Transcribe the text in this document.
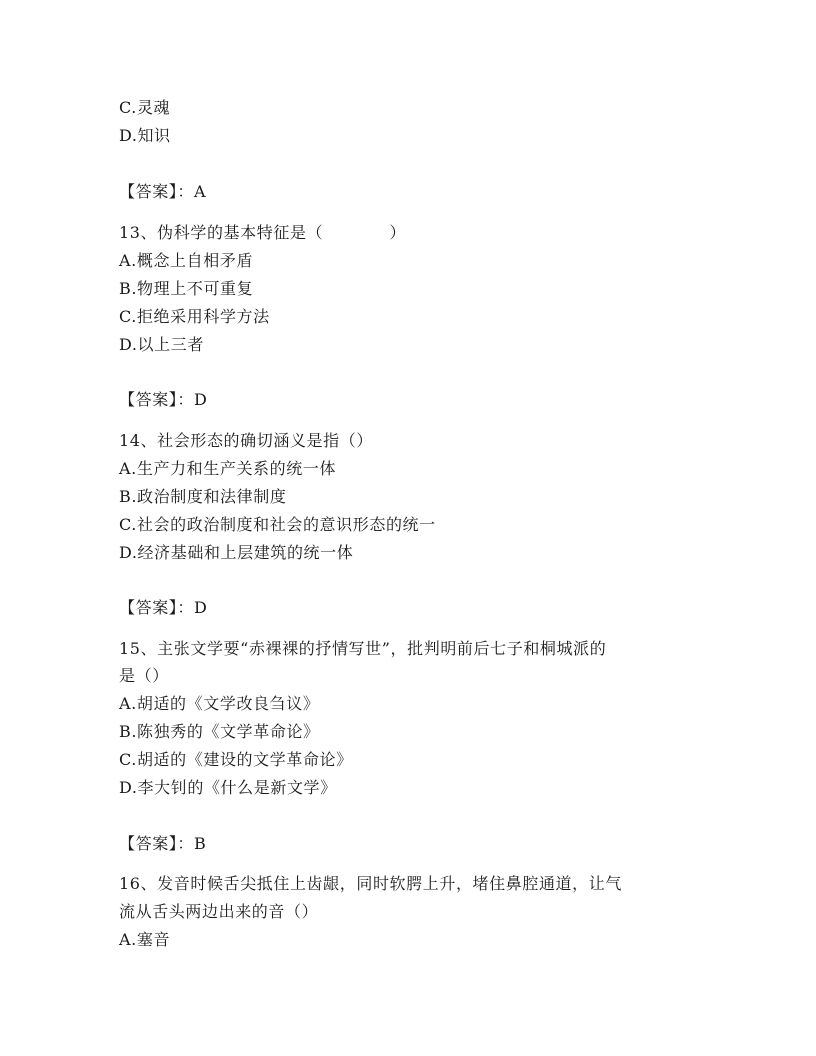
C.灵魂

D.知识

【答案】：A

13、伪科学的基本特征是（　　　　）

A.概念上自相矛盾

B.物理上不可重复

C.拒绝采用科学方法

D.以上三者

【答案】：D

14、社会形态的确切涵义是指（）

A.生产力和生产关系的统一体

B.政治制度和法律制度

C.社会的政治制度和社会的意识形态的统一

D.经济基础和上层建筑的统一体

【答案】：D

15、主张文学要“赤裸裸的抒情写世”，批判明前后七子和桐城派的

是（）

A.胡适的《文学改良刍议》

B.陈独秀的《文学革命论》

C.胡适的《建设的文学革命论》

D.李大钊的《什么是新文学》

【答案】：B

16、发音时候舌尖抵住上齿龈，同时软腭上升，堵住鼻腔通道，让气

流从舌头两边出来的音（）

A.塞音
